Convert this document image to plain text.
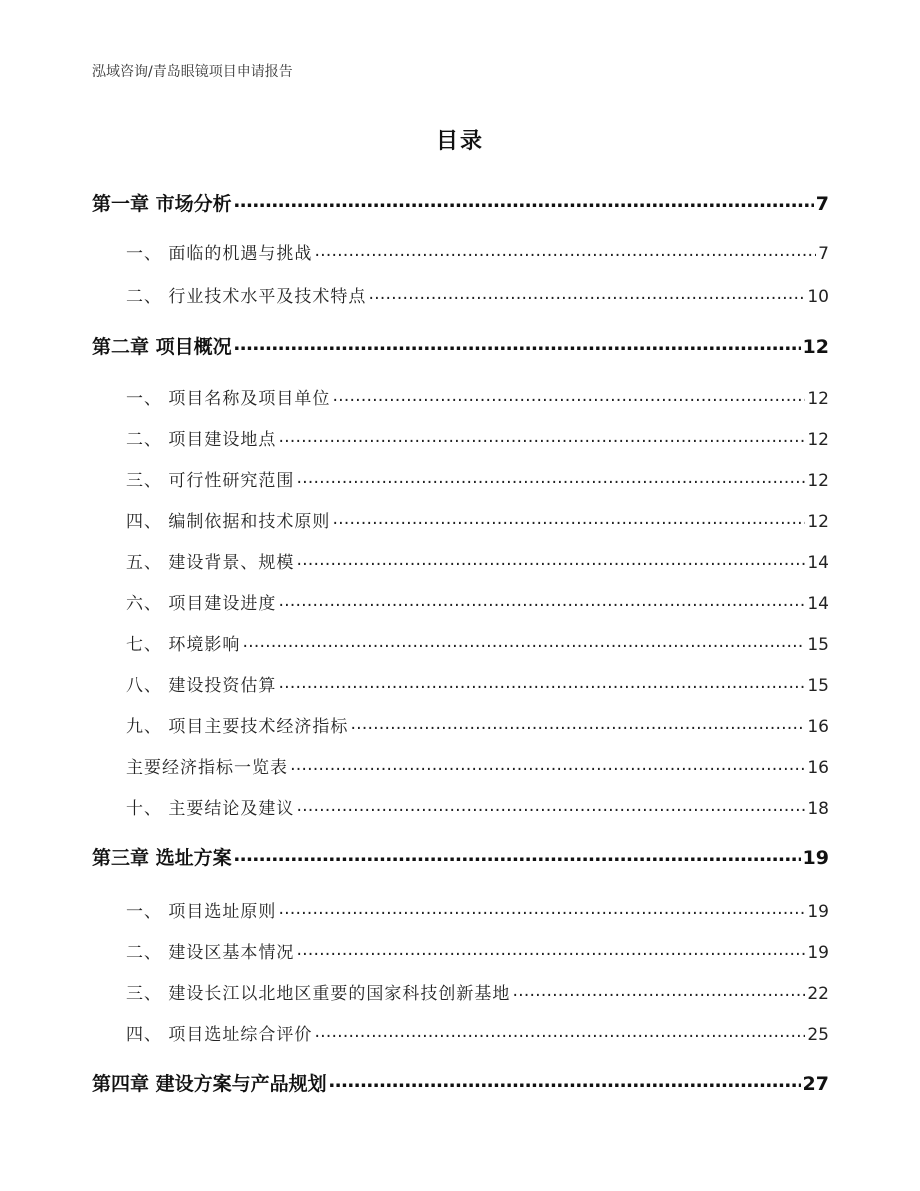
泓域咨询/青岛眼镜项目申请报告
目录
第一章 市场分析 ……………………………………………………………………………………………………………………………………………………………………………………………………………………	7
一、 面临的机遇与挑战 ……………………………………………………………………………………………………………………………………………………………………………………………………………………	7
二、 行业技术水平及技术特点 ……………………………………………………………………………………………………………………………………………………………………………………………………………………	10
第二章 项目概况 ……………………………………………………………………………………………………………………………………………………………………………………………………………………	12
一、 项目名称及项目单位 ……………………………………………………………………………………………………………………………………………………………………………………………………………………	12
二、 项目建设地点 ……………………………………………………………………………………………………………………………………………………………………………………………………………………	12
三、 可行性研究范围 ……………………………………………………………………………………………………………………………………………………………………………………………………………………	12
四、 编制依据和技术原则 ……………………………………………………………………………………………………………………………………………………………………………………………………………………	12
五、 建设背景、规模 ……………………………………………………………………………………………………………………………………………………………………………………………………………………	14
六、 项目建设进度 ……………………………………………………………………………………………………………………………………………………………………………………………………………………	14
七、 环境影响 ……………………………………………………………………………………………………………………………………………………………………………………………………………………	15
八、 建设投资估算 ……………………………………………………………………………………………………………………………………………………………………………………………………………………	15
九、 项目主要技术经济指标 ……………………………………………………………………………………………………………………………………………………………………………………………………………………	16
主要经济指标一览表 ……………………………………………………………………………………………………………………………………………………………………………………………………………………	16
十、 主要结论及建议 ……………………………………………………………………………………………………………………………………………………………………………………………………………………	18
第三章 选址方案 ……………………………………………………………………………………………………………………………………………………………………………………………………………………	19
一、 项目选址原则 ……………………………………………………………………………………………………………………………………………………………………………………………………………………	19
二、 建设区基本情况 ……………………………………………………………………………………………………………………………………………………………………………………………………………………	19
三、 建设长江以北地区重要的国家科技创新基地 ……………………………………………………………………………………………………………………………………………………………………………………………………………………	22
四、 项目选址综合评价 ……………………………………………………………………………………………………………………………………………………………………………………………………………………	25
第四章 建设方案与产品规划 ……………………………………………………………………………………………………………………………………………………………………………………………………………………	27
